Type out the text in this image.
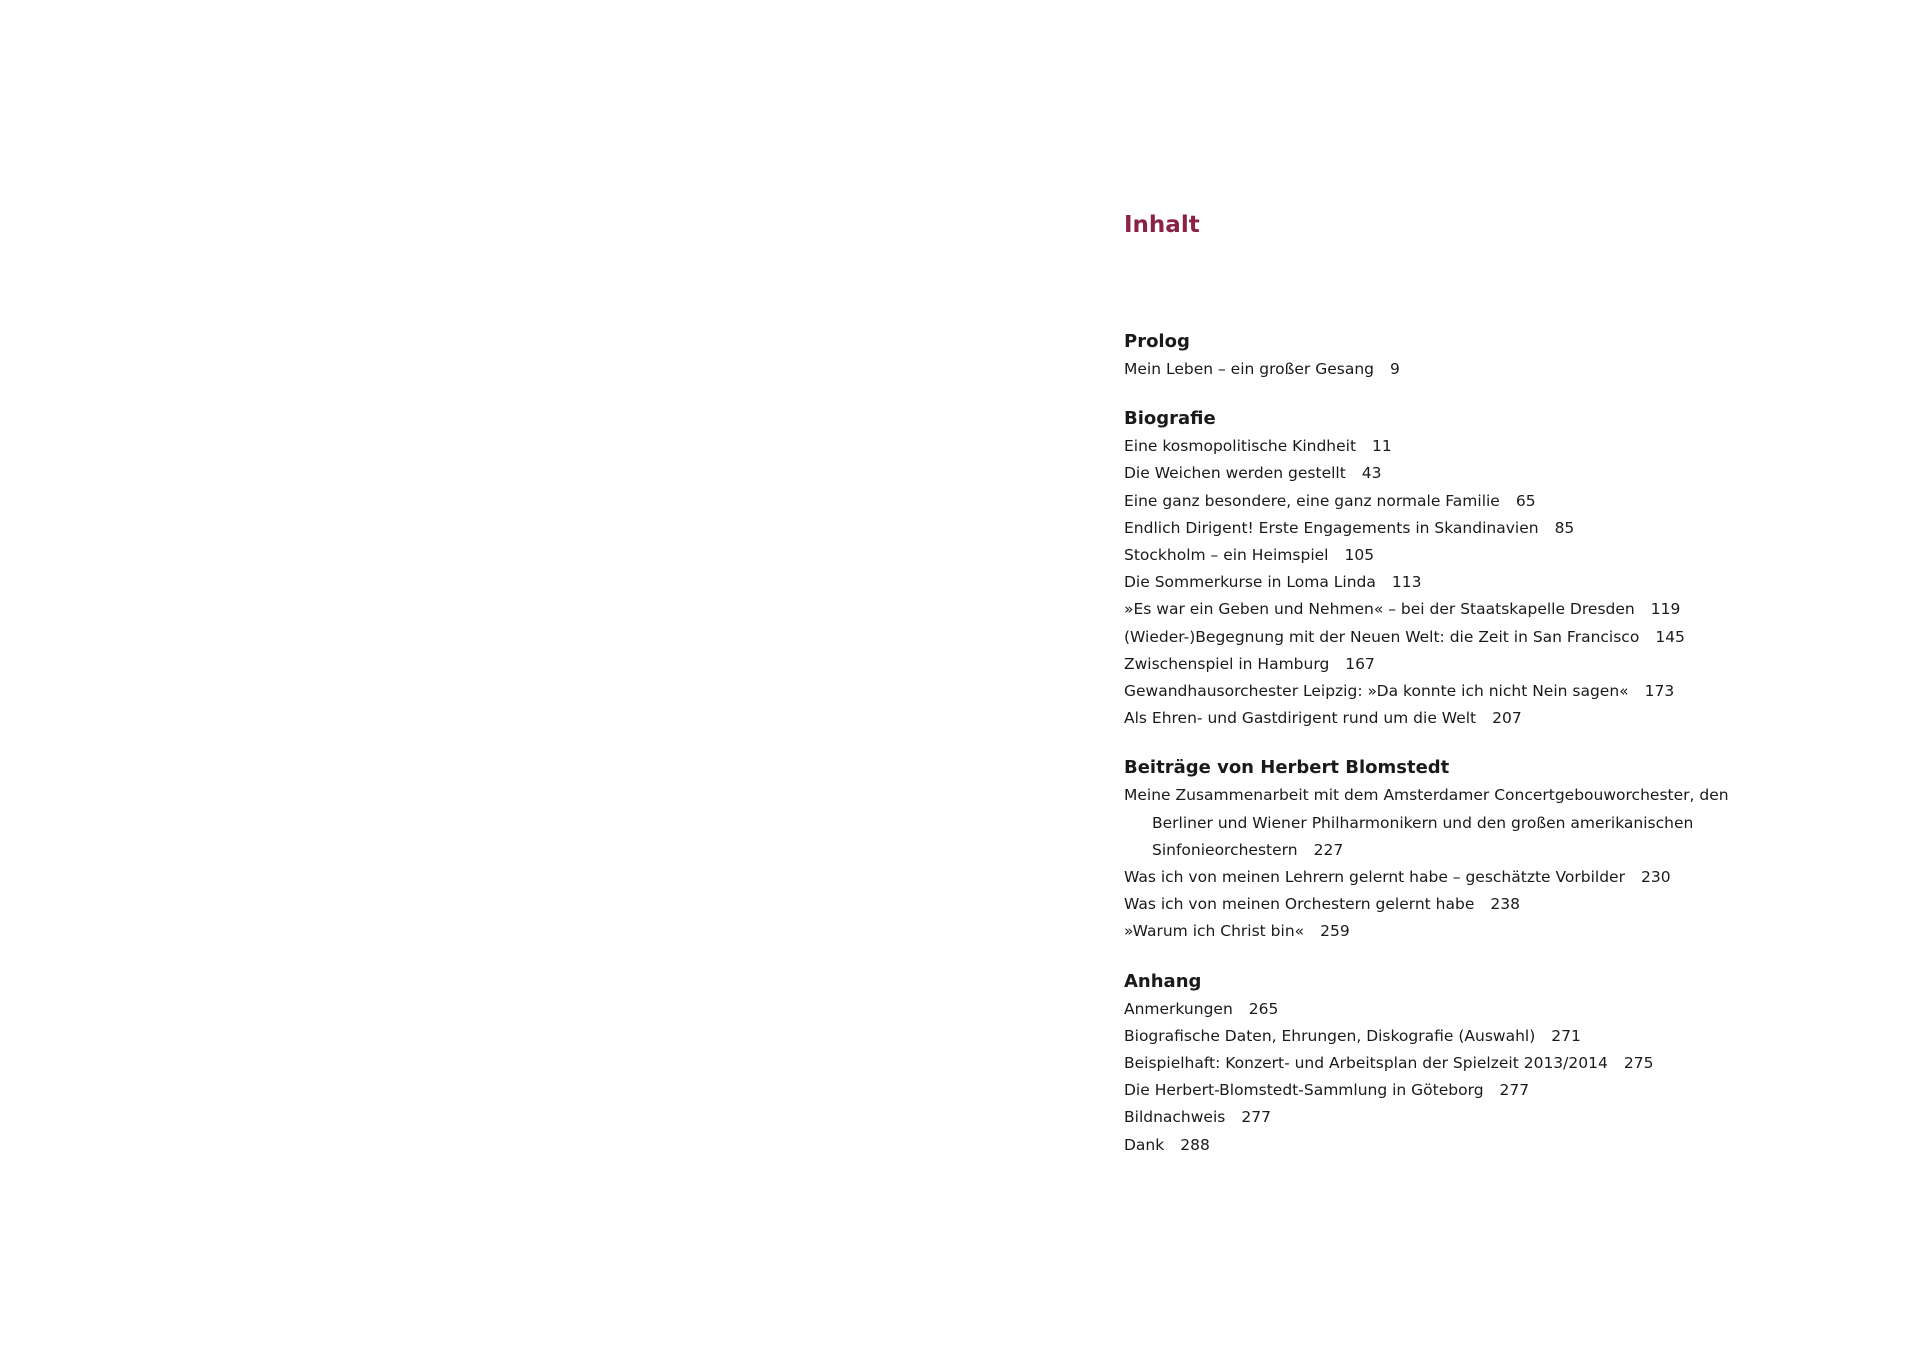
Inhalt
Prolog

Mein Leben – ein großer Gesang 9

Biografie

Eine kosmopolitische Kindheit 11

Die Weichen werden gestellt 43

Eine ganz besondere, eine ganz normale Familie 65

Endlich Dirigent! Erste Engagements in Skandinavien 85

Stockholm – ein Heimspiel 105

Die Sommerkurse in Loma Linda 113

»Es war ein Geben und Nehmen« – bei der Staatskapelle Dresden 119

(Wieder-)Begegnung mit der Neuen Welt: die Zeit in San Francisco 145

Zwischenspiel in Hamburg 167

Gewandhausorchester Leipzig: »Da konnte ich nicht Nein sagen« 173

Als Ehren- und Gastdirigent rund um die Welt 207

Beiträge von Herbert Blomstedt

Meine Zusammenarbeit mit dem Amsterdamer Concertgebouworchester, den Berliner und Wiener Philharmonikern und den großen amerikanischen Sinfonieorchestern 227

Was ich von meinen Lehrern gelernt habe – geschätzte Vorbilder 230

Was ich von meinen Orchestern gelernt habe 238

»Warum ich Christ bin« 259

Anhang

Anmerkungen 265

Biografische Daten, Ehrungen, Diskografie (Auswahl) 271

Beispielhaft: Konzert- und Arbeitsplan der Spielzeit 2013/2014 275

Die Herbert-Blomstedt-Sammlung in Göteborg 277

Bildnachweis 277

Dank 288
